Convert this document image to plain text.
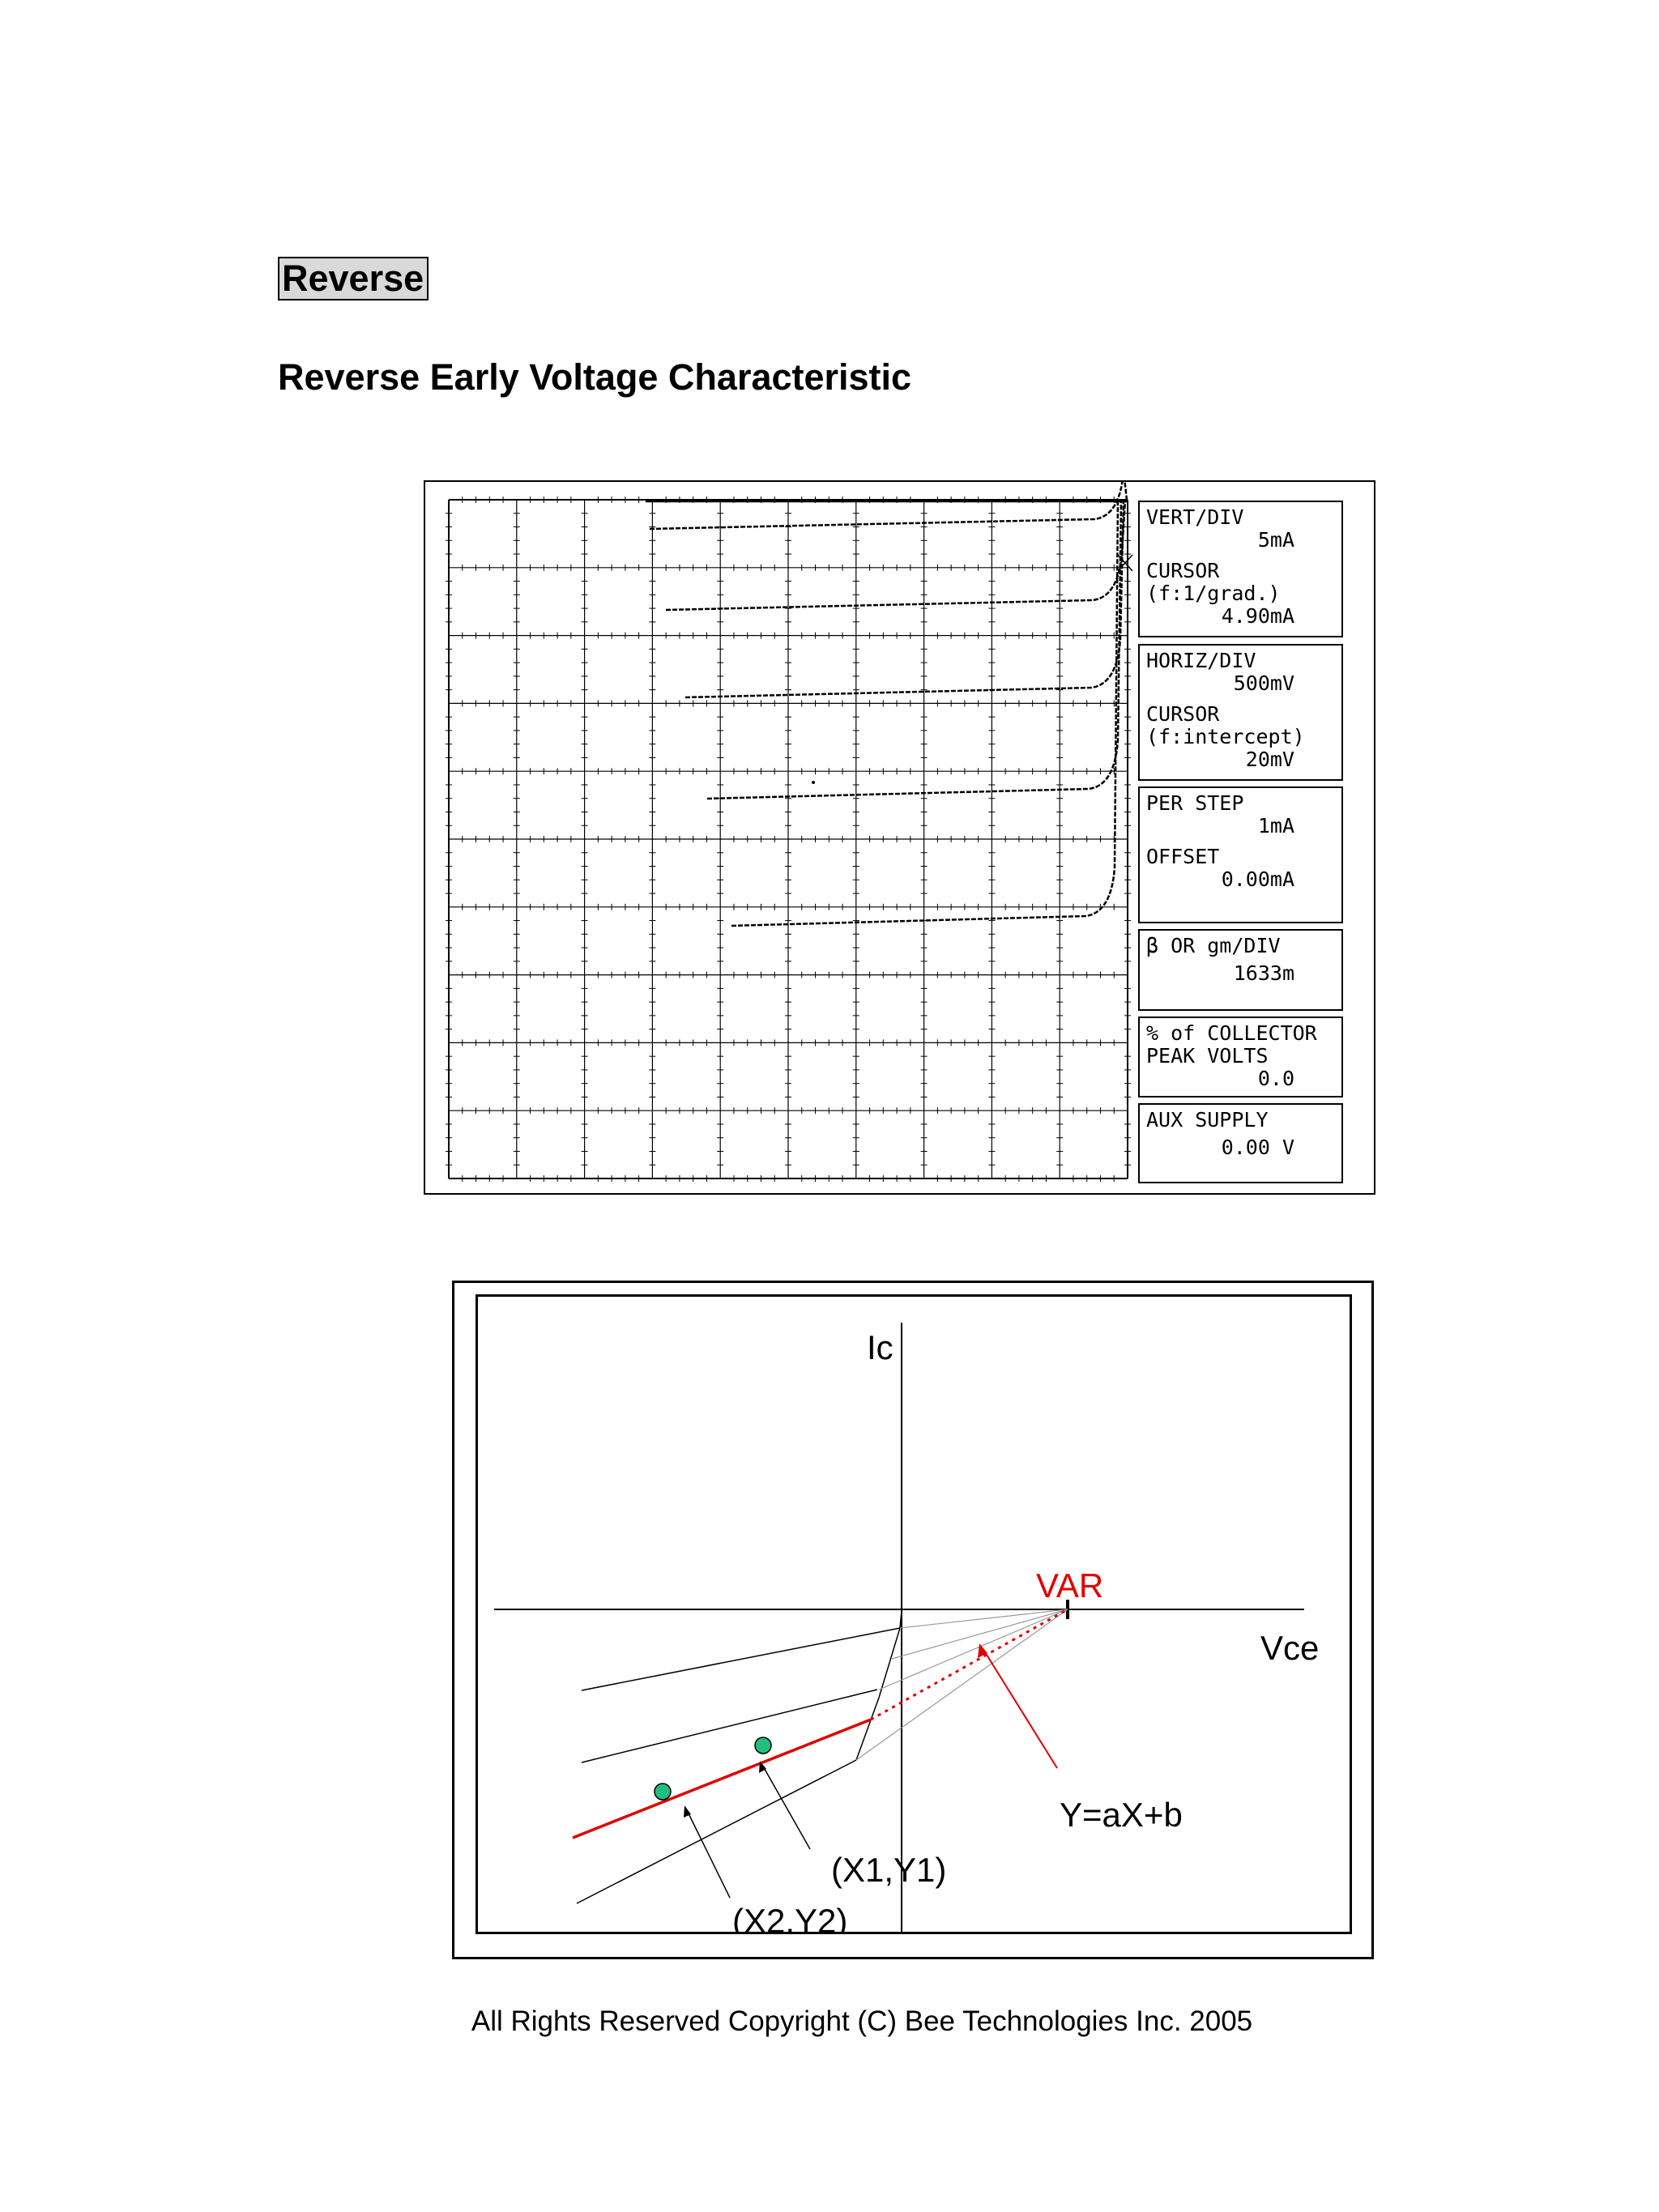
Reverse
Reverse Early Voltage Characteristic
VERT/DIV
5mA
CURSOR
(f:1/grad.)
4.90mA
HORIZ/DIV
500mV
CURSOR
(f:intercept)
20mV
PER STEP
1mA
OFFSET
0.00mA
β OR gm/DIV
1633m
% of COLLECTOR
PEAK VOLTS
0.0
AUX SUPPLY
0.00 V
Ic
VAR
Vce
Y=aX+b
(X1,Y1)
(X2,Y2)
All Rights Reserved Copyright (C) Bee Technologies Inc. 2005
